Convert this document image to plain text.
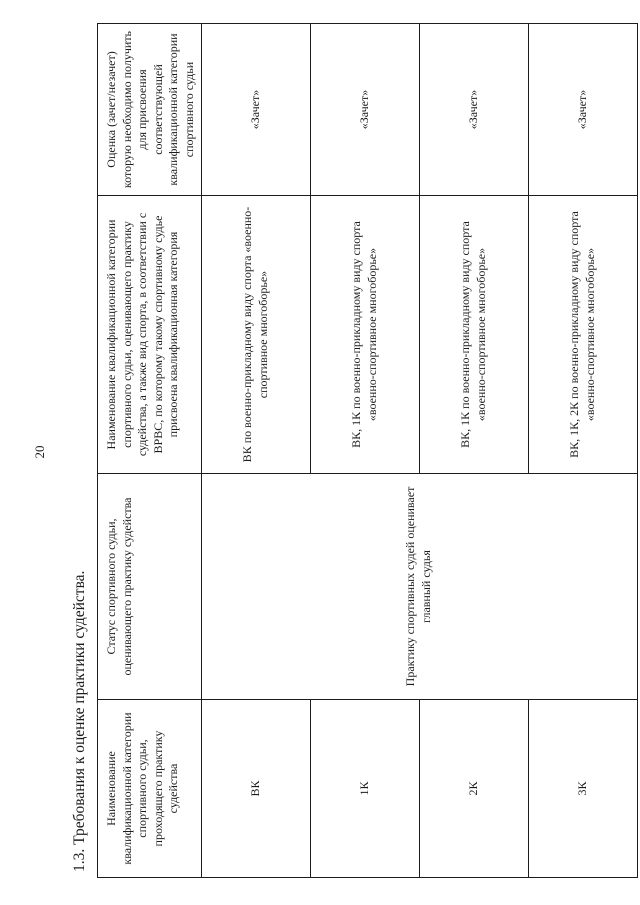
20
1.3. Требования к оценке практики судейства. Наименование квалификационной категории спортивного судьи, проходящего практику судейства	Статус спортивного судьи, оценивающего практику судейства	Наименование квалификационной категории спортивного судьи, оценивающего практику судейства, а также вид спорта, в соответствии с ВРВС, по которому такому спортивному судье присвоена квалификационная категория	Оценка (зачет/незачет) которую необходимо получить для присвоения соответствующей квалификационной категории спортивного судьи
ВК	Практику спортивных судей оценивает главный судья	ВК по военно-прикладному виду спорта «военно-спортивное многоборье»	«Зачет»
1К		ВК, 1К по военно-прикладному виду спорта «военно-спортивное многоборье»	«Зачет»
2К		ВК, 1К по военно-прикладному виду спорта «военно-спортивное многоборье»	«Зачет»
3К		ВК, 1К, 2К по военно-прикладному виду спорта «военно-спортивное многоборье»	«Зачет»
